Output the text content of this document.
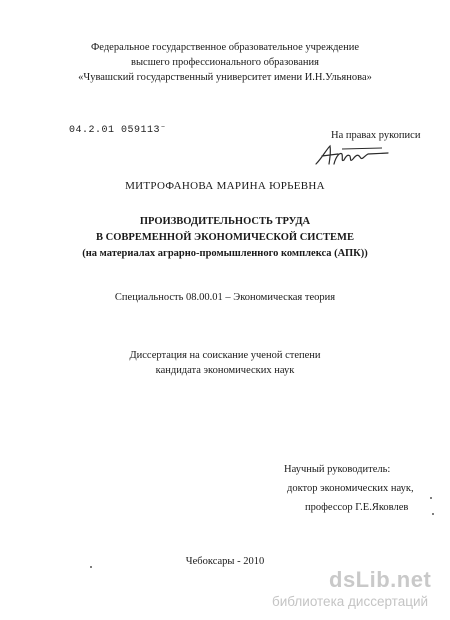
Федеральное государственное образовательное учреждение
высшего профессионального образования
«Чувашский государственный университет имени И.Н.Ульянова»
04.2.01 059113⁻	На правах рукописи
МИТРОФАНОВА МАРИНА ЮРЬЕВНА
ПРОИЗВОДИТЕЛЬНОСТЬ ТРУДА
В СОВРЕМЕННОЙ ЭКОНОМИЧЕСКОЙ СИСТЕМЕ
(на материалах аграрно-промышленного комплекса (АПК))
Специальность 08.00.01 – Экономическая теория
Диссертация на соискание ученой степени
кандидата экономических наук
Научный руководитель:
доктор экономических наук,
профессор Г.Е.Яковлев
Чебоксары - 2010
dsLib.net
библиотека диссертаций
